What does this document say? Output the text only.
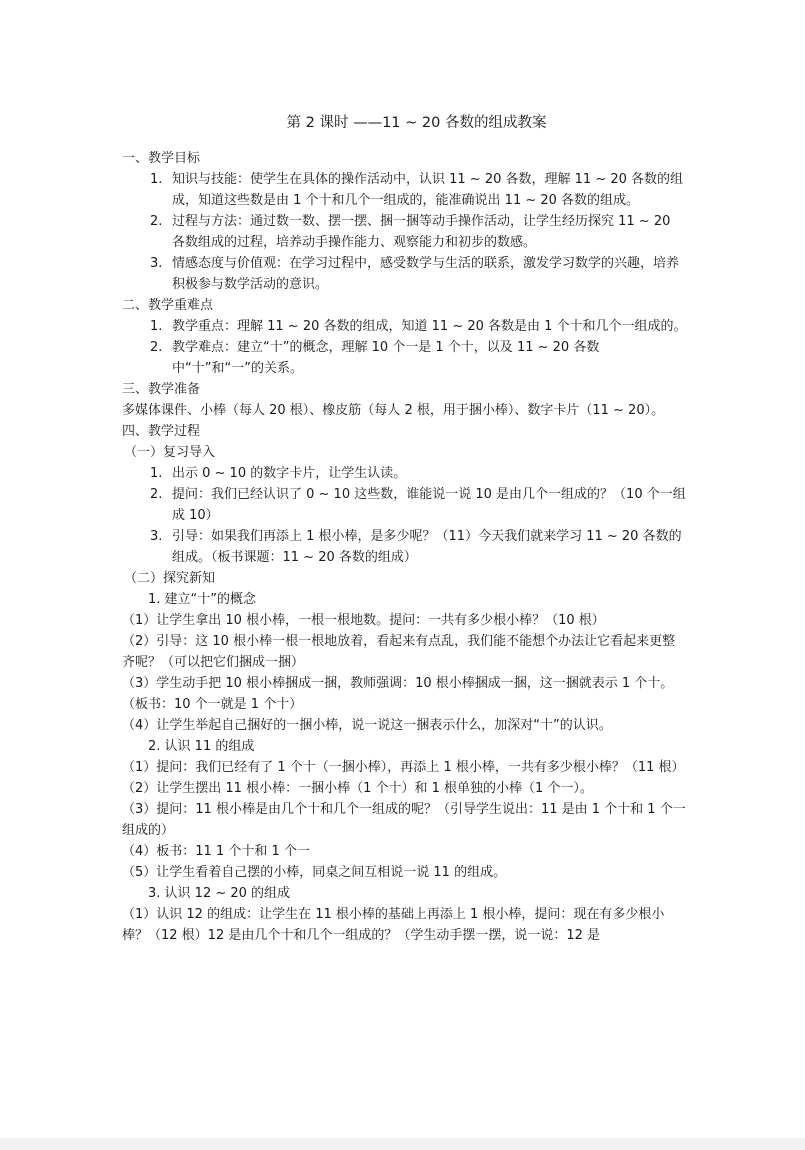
第 2 课时 ——11 ~ 20 各数的组成教案
一、教学目标
1. 知识与技能：使学生在具体的操作活动中，认识 11 ~ 20 各数，理解 11 ~ 20 各数的组成，知道这些数是由 1 个十和几个一组成的，能准确说出 11 ~ 20 各数的组成。
2. 过程与方法：通过数一数、摆一摆、捆一捆等动手操作活动，让学生经历探究 11 ~ 20 各数组成的过程，培养动手操作能力、观察能力和初步的数感。
3. 情感态度与价值观：在学习过程中，感受数学与生活的联系，激发学习数学的兴趣，培养积极参与数学活动的意识。
二、教学重难点
1. 教学重点：理解 11 ~ 20 各数的组成，知道 11 ~ 20 各数是由 1 个十和几个一组成的。
2. 教学难点：建立“十”的概念，理解 10 个一是 1 个十，以及 11 ~ 20 各数中“十”和“一”的关系。
三、教学准备
多媒体课件、小棒（每人 20 根）、橡皮筋（每人 2 根，用于捆小棒）、数字卡片（11 ~ 20）。
四、教学过程
（一）复习导入
1. 出示 0 ~ 10 的数字卡片，让学生认读。
2. 提问：我们已经认识了 0 ~ 10 这些数，谁能说一说 10 是由几个一组成的？（10 个一组成 10）
3. 引导：如果我们再添上 1 根小棒，是多少呢？（11）今天我们就来学习 11 ~ 20 各数的组成。（板书课题：11 ~ 20 各数的组成）
（二）探究新知
1. 建立“十”的概念
（1）让学生拿出 10 根小棒，一根一根地数。提问：一共有多少根小棒？（10 根）
（2）引导：这 10 根小棒一根一根地放着，看起来有点乱，我们能不能想个办法让它看起来更整齐呢？（可以把它们捆成一捆）
（3）学生动手把 10 根小棒捆成一捆，教师强调：10 根小棒捆成一捆，这一捆就表示 1 个十。（板书：10 个一就是 1 个十）
（4）让学生举起自己捆好的一捆小棒，说一说这一捆表示什么，加深对“十”的认识。
2. 认识 11 的组成
（1）提问：我们已经有了 1 个十（一捆小棒），再添上 1 根小棒，一共有多少根小棒？（11 根）
（2）让学生摆出 11 根小棒：一捆小棒（1 个十）和 1 根单独的小棒（1 个一）。
（3）提问：11 根小棒是由几个十和几个一组成的呢？（引导学生说出：11 是由 1 个十和 1 个一组成的）
（4）板书：11 1 个十和 1 个一
（5）让学生看着自己摆的小棒，同桌之间互相说一说 11 的组成。
3. 认识 12 ~ 20 的组成
（1）认识 12 的组成：让学生在 11 根小棒的基础上再添上 1 根小棒，提问：现在有多少根小棒？（12 根）12 是由几个十和几个一组成的？（学生动手摆一摆，说一说：12 是
